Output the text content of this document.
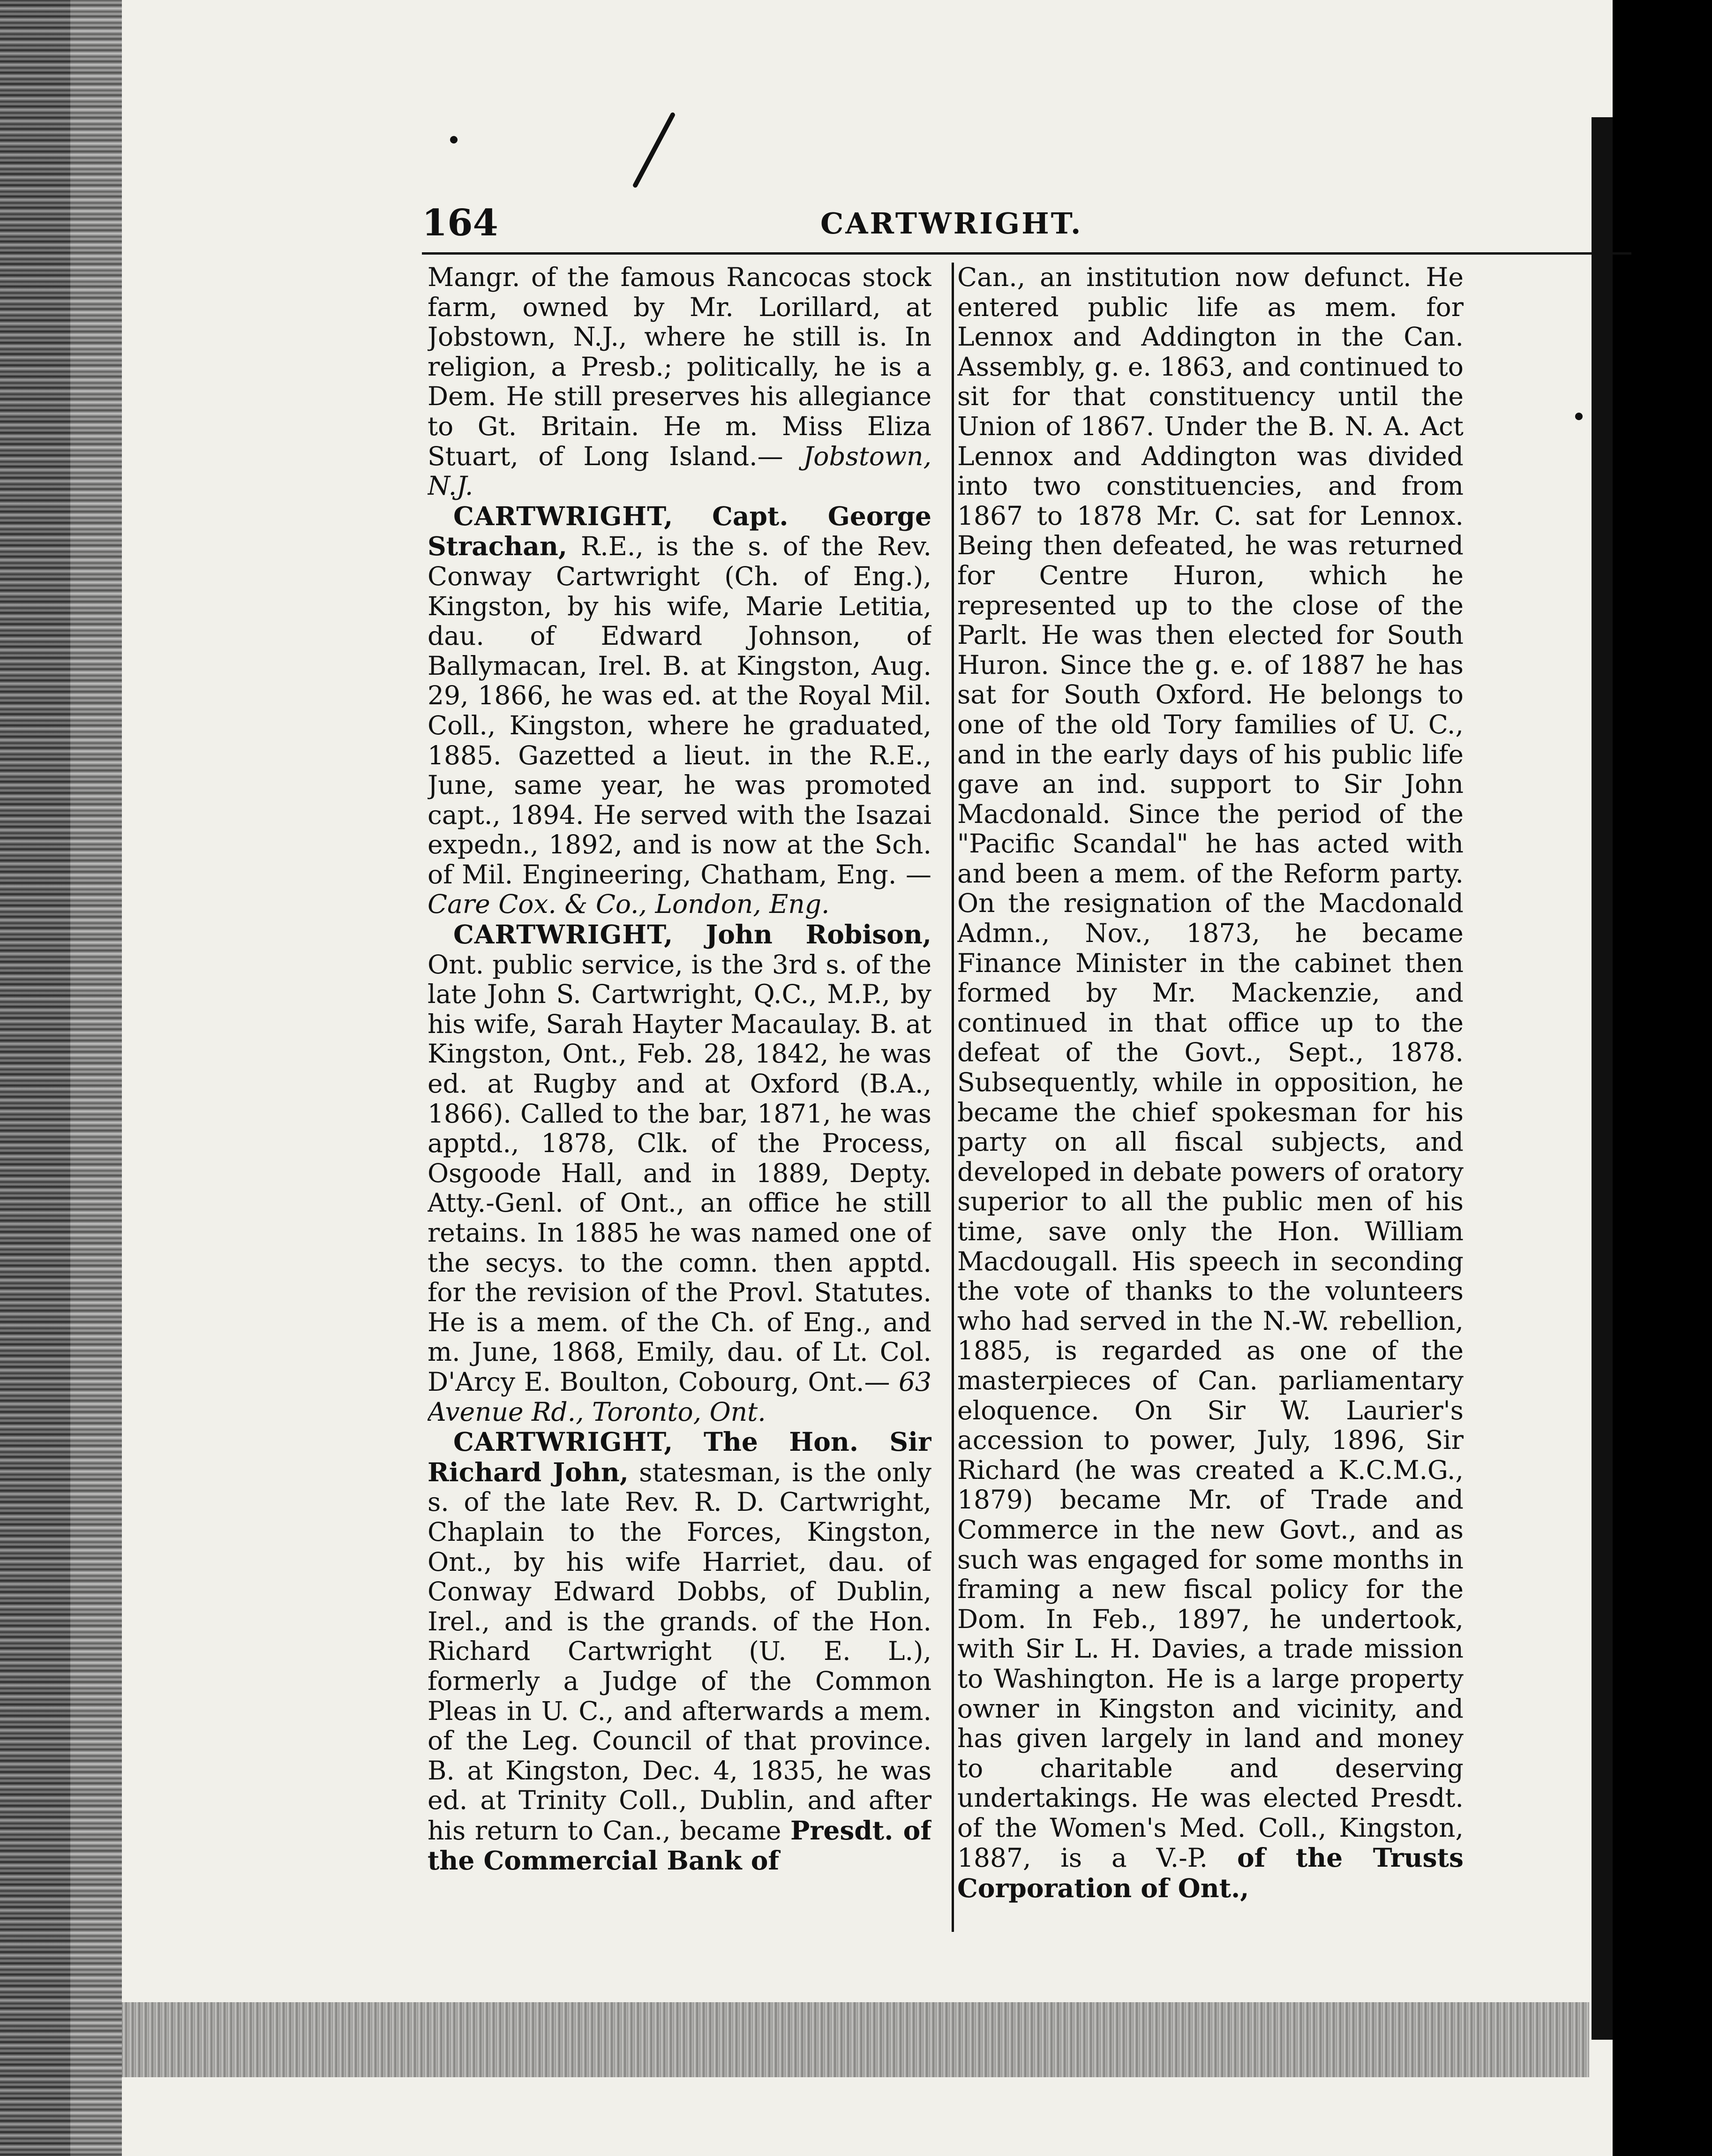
164	CARTWRIGHT.

Mangr. of the famous Rancocas stock farm, owned by Mr. Lorillard, at Jobstown, N.J., where he still is. In religion, a Presb.; politically, he is a Dem. He still preserves his allegiance to Gt. Britain. He m. Miss Eliza Stuart, of Long Island.— Jobstown, N.J.

CARTWRIGHT, Capt. George Strachan, R.E., is the s. of the Rev. Conway Cartwright (Ch. of Eng.), Kingston, by his wife, Marie Letitia, dau. of Edward Johnson, of Ballymacan, Irel. B. at Kingston, Aug. 29, 1866, he was ed. at the Royal Mil. Coll., Kingston, where he graduated, 1885. Gazetted a lieut. in the R.E., June, same year, he was promoted capt., 1894. He served with the Isazai expedn., 1892, and is now at the Sch. of Mil. Engineering, Chatham, Eng. — Care Cox. & Co., London, Eng.

CARTWRIGHT, John Robison, Ont. public service, is the 3rd s. of the late John S. Cartwright, Q.C., M.P., by his wife, Sarah Hayter Macaulay. B. at Kingston, Ont., Feb. 28, 1842, he was ed. at Rugby and at Oxford (B.A., 1866). Called to the bar, 1871, he was apptd., 1878, Clk. of the Process, Osgoode Hall, and in 1889, Depty. Atty.-Genl. of Ont., an office he still retains. In 1885 he was named one of the secys. to the comn. then apptd. for the revision of the Provl. Statutes. He is a mem. of the Ch. of Eng., and m. June, 1868, Emily, dau. of Lt. Col. D'Arcy E. Boulton, Cobourg, Ont.— 63 Avenue Rd., Toronto, Ont.

CARTWRIGHT, The Hon. Sir Richard John, statesman, is the only s. of the late Rev. R. D. Cartwright, Chaplain to the Forces, Kingston, Ont., by his wife Harriet, dau. of Conway Edward Dobbs, of Dublin, Irel., and is the grands. of the Hon. Richard Cartwright (U. E. L.), formerly a Judge of the Common Pleas in U. C., and afterwards a mem. of the Leg. Council of that province. B. at Kingston, Dec. 4, 1835, he was ed. at Trinity Coll., Dublin, and after his return to Can., became Presdt. of the Commercial Bank of

Can., an institution now defunct. He entered public life as mem. for Lennox and Addington in the Can. Assembly, g. e. 1863, and continued to sit for that constituency until the Union of 1867. Under the B. N. A. Act Lennox and Addington was divided into two constituencies, and from 1867 to 1878 Mr. C. sat for Lennox. Being then defeated, he was returned for Centre Huron, which he represented up to the close of the Parlt. He was then elected for South Huron. Since the g. e. of 1887 he has sat for South Oxford. He belongs to one of the old Tory families of U. C., and in the early days of his public life gave an ind. support to Sir John Macdonald. Since the period of the "Pacific Scandal" he has acted with and been a mem. of the Reform party. On the resignation of the Macdonald Admn., Nov., 1873, he became Finance Minister in the cabinet then formed by Mr. Mackenzie, and continued in that office up to the defeat of the Govt., Sept., 1878. Subsequently, while in opposition, he became the chief spokesman for his party on all fiscal subjects, and developed in debate powers of oratory superior to all the public men of his time, save only the Hon. William Macdougall. His speech in seconding the vote of thanks to the volunteers who had served in the N.-W. rebellion, 1885, is regarded as one of the masterpieces of Can. parliamentary eloquence. On Sir W. Laurier's accession to power, July, 1896, Sir Richard (he was created a K.C.M.G., 1879) became Mr. of Trade and Commerce in the new Govt., and as such was engaged for some months in framing a new fiscal policy for the Dom. In Feb., 1897, he undertook, with Sir L. H. Davies, a trade mission to Washington. He is a large property owner in Kingston and vicinity, and has given largely in land and money to charitable and deserving undertakings. He was elected Presdt. of the Women's Med. Coll., Kingston, 1887, is a V.-P. of the Trusts Corporation of Ont.,
